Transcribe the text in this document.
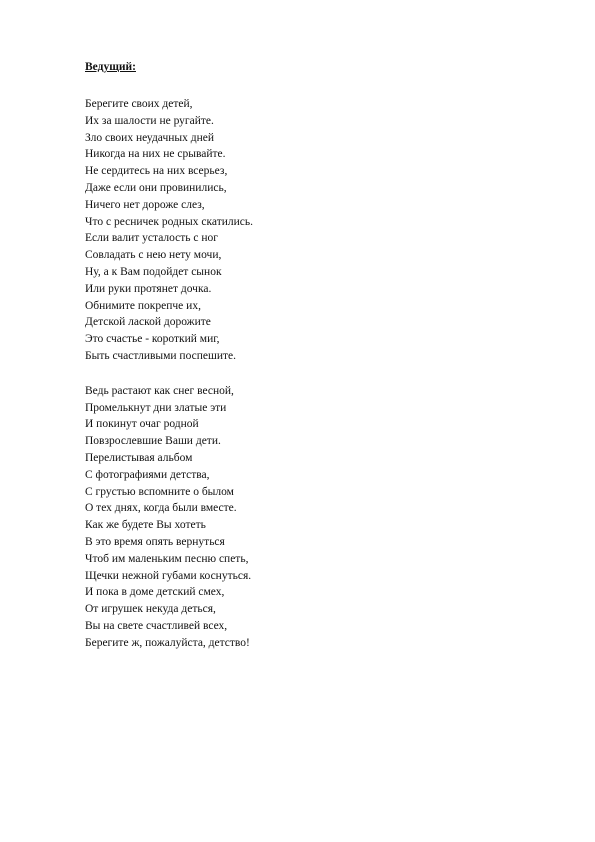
Ведущий:
Берегите своих детей,
Их за шалости не ругайте.
Зло своих неудачных дней
Никогда на них не срывайте.
Не сердитесь на них всерьез,
Даже если они провинились,
Ничего нет дороже слез,
Что с ресничек родных скатились.
Если валит усталость с ног
Совладать с нею нету мочи,
Ну, а к Вам подойдет сынок
Или руки протянет дочка.
Обнимите покрепче их,
Детской лаской дорожите
Это счастье - короткий миг,
Быть счастливыми поспешите.
Ведь растают как снег весной,
Промелькнут дни златые эти
И покинут очаг родной
Повзрослевшие Ваши дети.
Перелистывая альбом
С фотографиями детства,
С грустью вспомните о былом
О тех днях, когда были вместе.
Как же будете Вы хотеть
В это время опять вернуться
Чтоб им маленьким песню спеть,
Щечки нежной губами коснуться.
И пока в доме детский смех,
От игрушек некуда деться,
Вы на свете счастливей всех,
Берегите ж, пожалуйста, детство!
